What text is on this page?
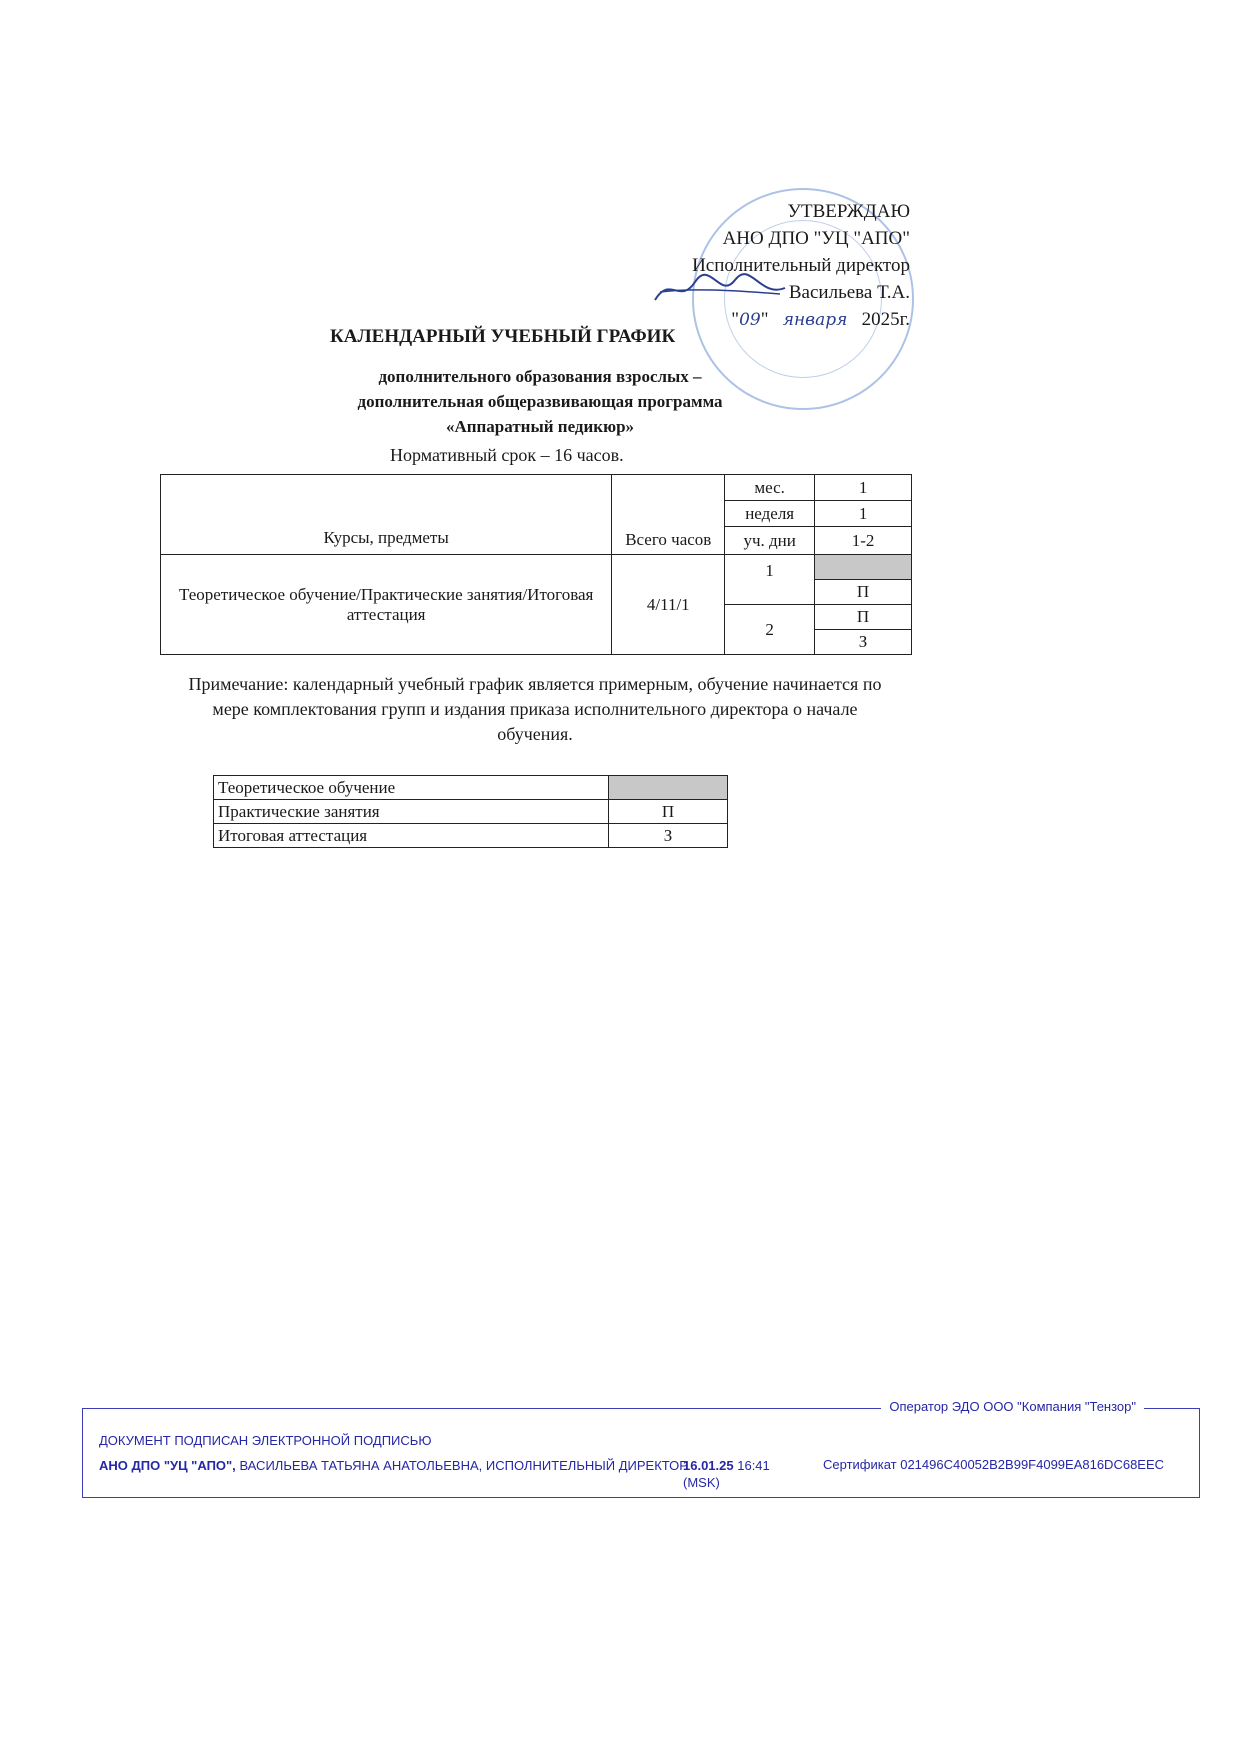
УТВЕРЖДАЮ
АНО ДПО "УЦ "АПО"
Исполнительный директор
Васильева Т.А.
"09"   января 2025г.
КАЛЕНДАРНЫЙ УЧЕБНЫЙ ГРАФИК
дополнительного образования взрослых –
дополнительная общеразвивающая программа
«Аппаратный педикюр»
Нормативный срок – 16 часов.
Курсы, предметы	Всего часов	мес.	1
		неделя	1
		уч. дни	1-2
Теоретическое обучение/Практические занятия/Итоговая аттестация	4/11/1	1	
			П
		2	П
			З
Примечание: календарный учебный график является примерным, обучение начинается по мере комплектования групп и издания приказа исполнительного директора о начале обучения.
Теоретическое обучение	
Практические занятия	П
Итоговая аттестация	З
Оператор ЭДО ООО "Компания "Тензор"
ДОКУМЕНТ ПОДПИСАН ЭЛЕКТРОННОЙ ПОДПИСЬЮ
АНО ДПО "УЦ "АПО", ВАСИЛЬЕВА ТАТЬЯНА АНАТОЛЬЕВНА, ИСПОЛНИТЕЛЬНЫЙ ДИРЕКТОР
16.01.25 16:41
(MSK)
Сертификат 021496C40052B2B99F4099EA816DC68EEC
